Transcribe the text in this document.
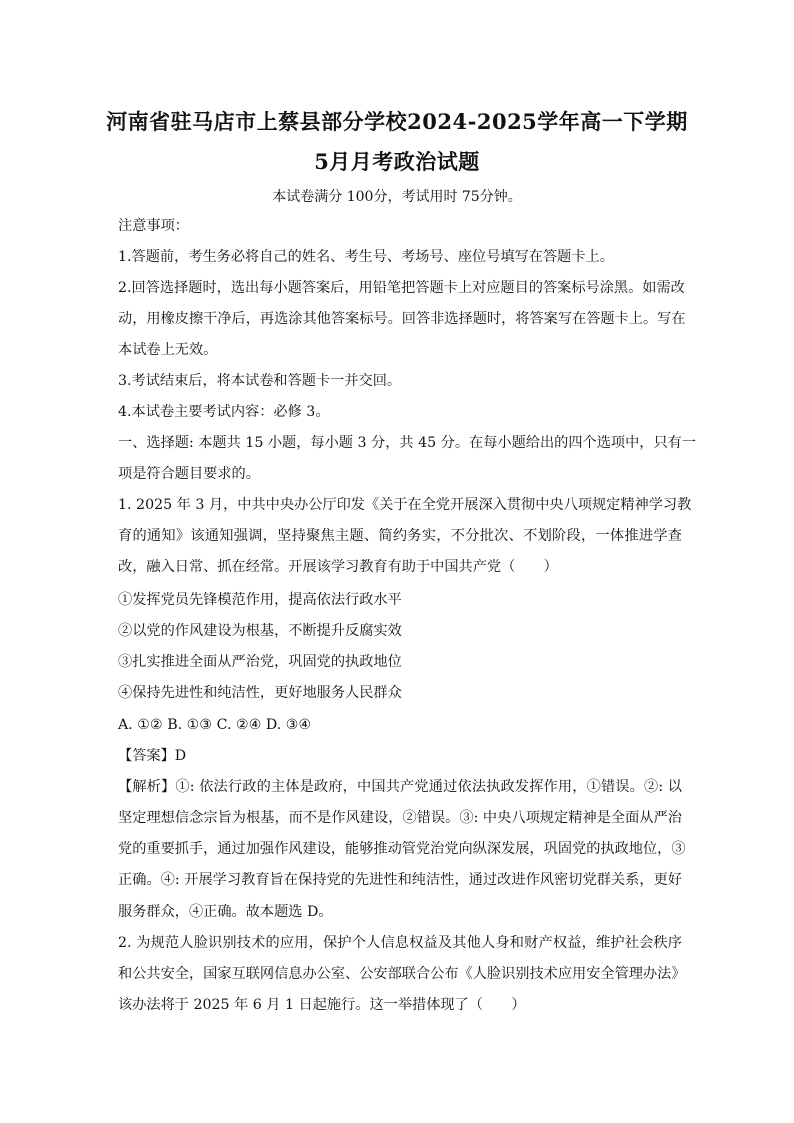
河南省驻马店市上蔡县部分学校2024-2025学年高一下学期
5月月考政治试题
本试卷满分 100分，考试用时 75分钟。
注意事项：
1.答题前，考生务必将自己的姓名、考生号、考场号、座位号填写在答题卡上。
2.回答选择题时，选出每小题答案后，用铅笔把答题卡上对应题目的答案标号涂黑。如需改
动，用橡皮擦干净后，再选涂其他答案标号。回答非选择题时，将答案写在答题卡上。写在
本试卷上无效。
3.考试结束后，将本试卷和答题卡一并交回。
4.本试卷主要考试内容：必修 3。
一、选择题: 本题共 15 小题，每小题 3 分，共 45 分。在每小题给出的四个选项中，只有一
项是符合题目要求的。
1. 2025 年 3 月，中共中央办公厅印发《关于在全党开展深入贯彻中央八项规定精神学习教
育的通知》该通知强调，坚持聚焦主题、简约务实，不分批次、不划阶段，一体推进学查
改，融入日常、抓在经常。开展该学习教育有助于中国共产党（　　）
①发挥党员先锋模范作用，提高依法行政水平
②以党的作风建设为根基，不断提升反腐实效
③扎实推进全面从严治党，巩固党的执政地位
④保持先进性和纯洁性，更好地服务人民群众
A. ①② B. ①③ C. ②④ D. ③④
【答案】D
【解析】①: 依法行政的主体是政府，中国共产党通过依法执政发挥作用，①错误。②: 以
坚定理想信念宗旨为根基，而不是作风建设，②错误。③: 中央八项规定精神是全面从严治
党的重要抓手，通过加强作风建设，能够推动管党治党向纵深发展，巩固党的执政地位，③
正确。④: 开展学习教育旨在保持党的先进性和纯洁性，通过改进作风密切党群关系，更好
服务群众，④正确。故本题选 D。
2. 为规范人脸识别技术的应用，保护个人信息权益及其他人身和财产权益，维护社会秩序
和公共安全，国家互联网信息办公室、公安部联合公布《人脸识别技术应用安全管理办法》
该办法将于 2025 年 6 月 1 日起施行。这一举措体现了（　　）
